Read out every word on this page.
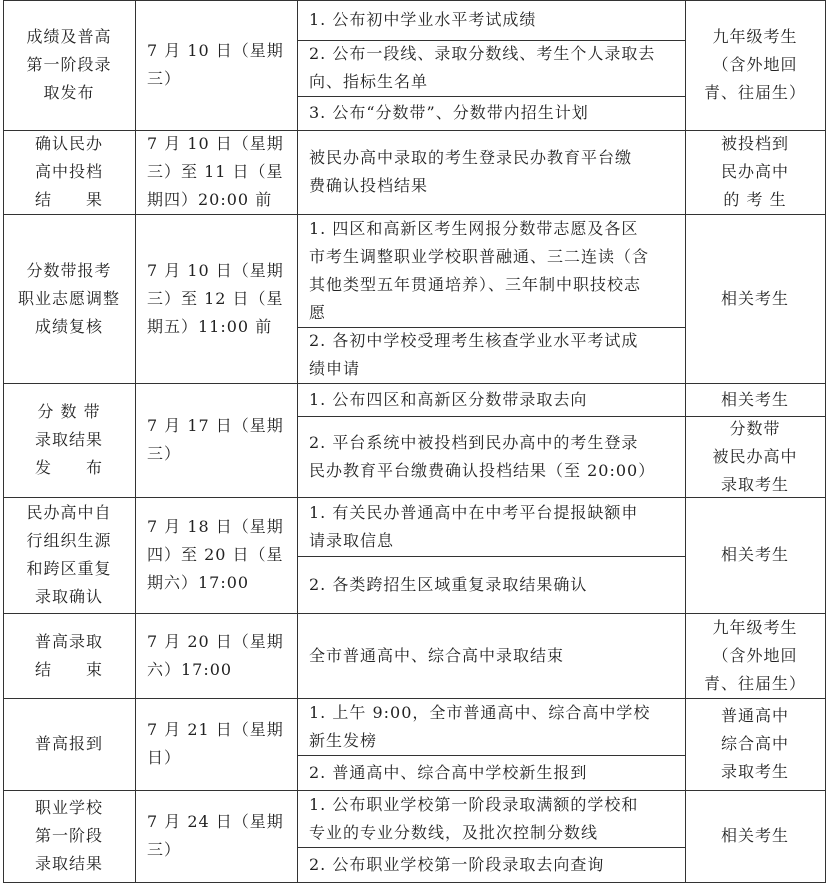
成绩及普高
第一阶段录
取发布
7 月 10 日（星期
三）
1. 公布初中学业水平考试成绩
2. 公布一段线、录取分数线、考生个人录取去
向、指标生名单
3. 公布“分数带”、分数带内招生计划
九年级考生
（含外地回
青、往届生）
确认民办
高中投档
结　　果
7 月 10 日（星期
三）至 11 日（星
期四）20:00 前
被民办高中录取的考生登录民办教育平台缴
费确认投档结果
被投档到
民办高中
的 考 生
分数带报考
职业志愿调整
成绩复核
7 月 10 日（星期
三）至 12 日（星
期五）11:00 前
1. 四区和高新区考生网报分数带志愿及各区
市考生调整职业学校职普融通、三二连读（含
其他类型五年贯通培养）、三年制中职技校志
愿
2. 各初中学校受理考生核查学业水平考试成
绩申请
相关考生
分 数 带
录取结果
发　　布
7 月 17 日（星期
三）
1. 公布四区和高新区分数带录取去向
2. 平台系统中被投档到民办高中的考生登录
民办教育平台缴费确认投档结果（至 20:00）
相关考生
分数带
被民办高中
录取考生
民办高中自
行组织生源
和跨区重复
录取确认
7 月 18 日（星期
四）至 20 日（星
期六）17:00
1. 有关民办普通高中在中考平台提报缺额申
请录取信息
2. 各类跨招生区域重复录取结果确认
相关考生
普高录取
结　　束
7 月 20 日（星期
六）17:00
全市普通高中、综合高中录取结束
九年级考生
（含外地回
青、往届生）
普高报到
7 月 21 日（星期
日）
1. 上午 9:00，全市普通高中、综合高中学校
新生发榜
2. 普通高中、综合高中学校新生报到
普通高中
综合高中
录取考生
职业学校
第一阶段
录取结果
7 月 24 日（星期
三）
1. 公布职业学校第一阶段录取满额的学校和
专业的专业分数线，及批次控制分数线
2. 公布职业学校第一阶段录取去向查询
相关考生
